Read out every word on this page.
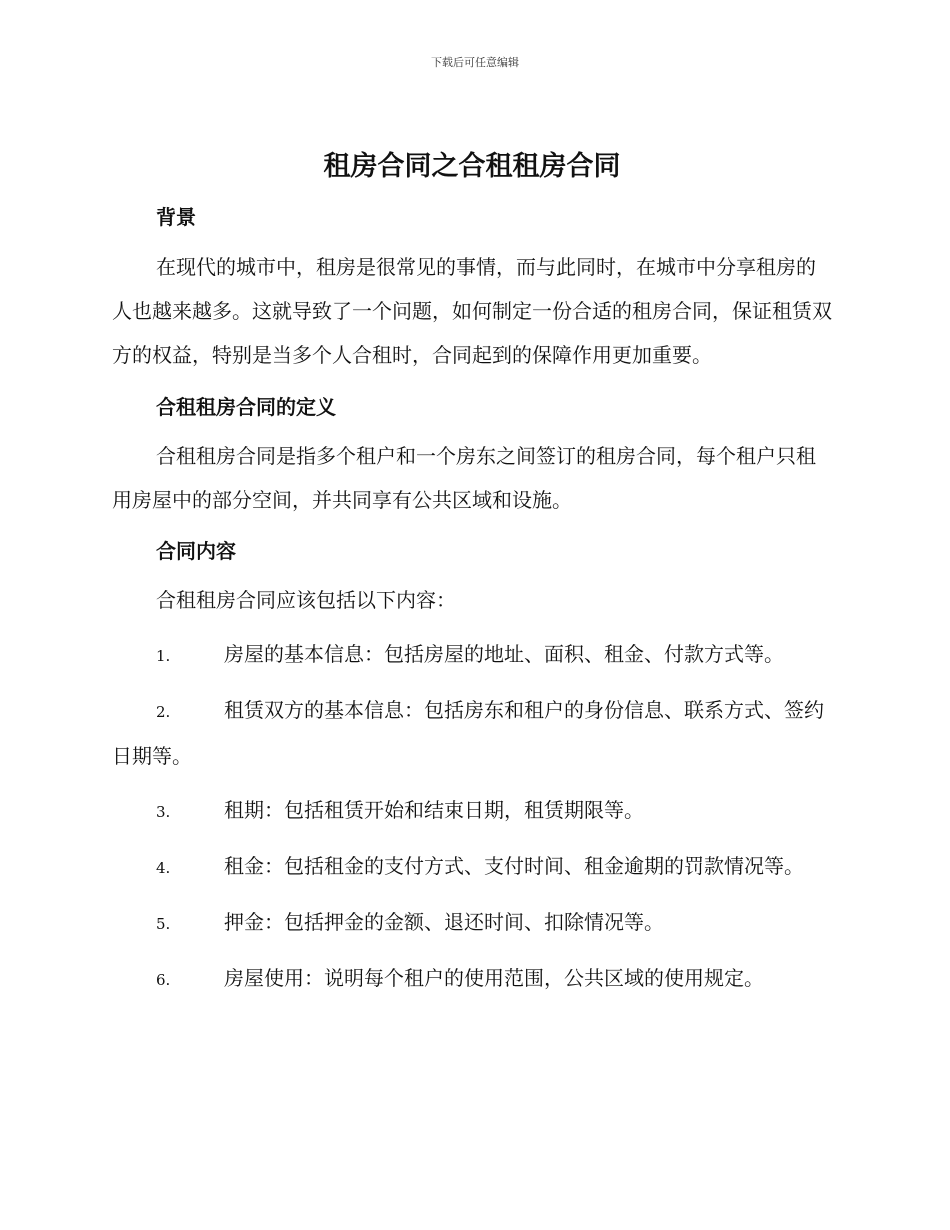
下载后可任意编辑
租房合同之合租租房合同
背景

在现代的城市中，租房是很常见的事情，而与此同时，在城市中分享租房的人也越来越多。这就导致了一个问题，如何制定一份合适的租房合同，保证租赁双方的权益，特别是当多个人合租时，合同起到的保障作用更加重要。

合租租房合同的定义

合租租房合同是指多个租户和一个房东之间签订的租房合同，每个租户只租用房屋中的部分空间，并共同享有公共区域和设施。

合同内容

合租租房合同应该包括以下内容：

1.	房屋的基本信息：包括房屋的地址、面积、租金、付款方式等。

2.	租赁双方的基本信息：包括房东和租户的身份信息、联系方式、签约日期等。

3.	租期：包括租赁开始和结束日期，租赁期限等。

4.	租金：包括租金的支付方式、支付时间、租金逾期的罚款情况等。

5.	押金：包括押金的金额、退还时间、扣除情况等。

6.	房屋使用：说明每个租户的使用范围，公共区域的使用规定。
